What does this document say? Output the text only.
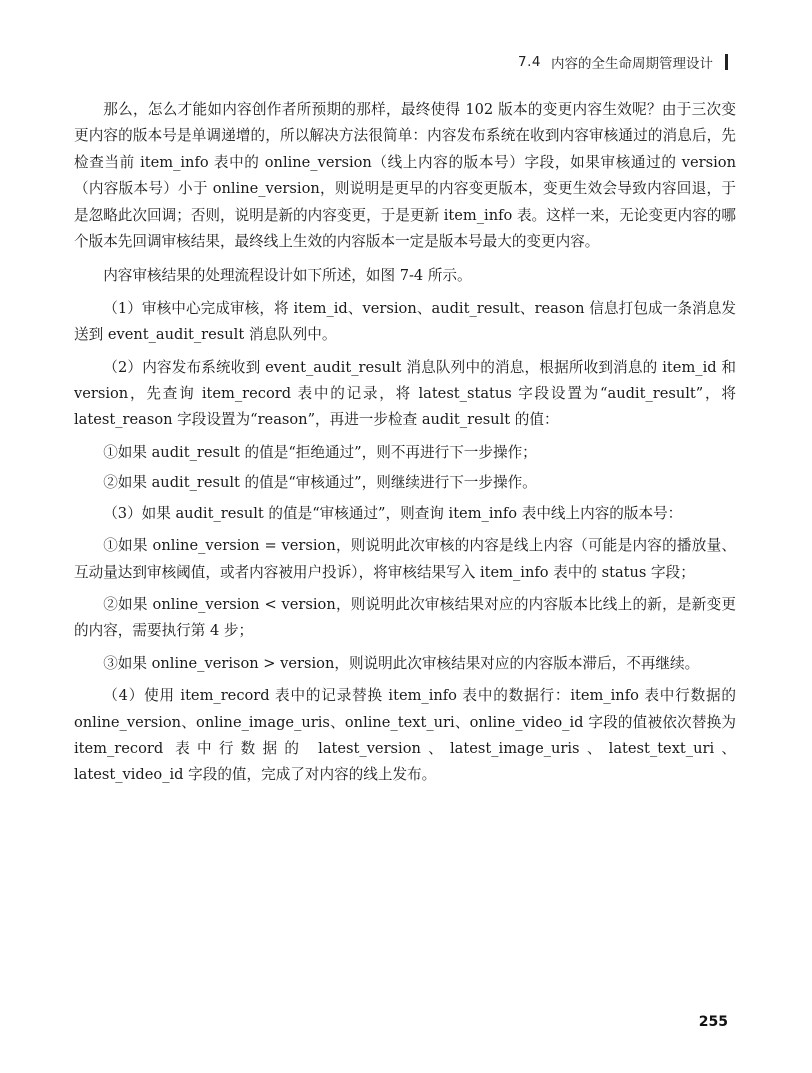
7.4 内容的全生命周期管理设计

那么，怎么才能如内容创作者所预期的那样，最终使得 102 版本的变更内容生效呢？由于三次变更内容的版本号是单调递增的，所以解决方法很简单：内容发布系统在收到内容审核通过的消息后，先检查当前 item_info 表中的 online_version（线上内容的版本号）字段，如果审核通过的 version（内容版本号）小于 online_version，则说明是更早的内容变更版本，变更生效会导致内容回退，于是忽略此次回调；否则，说明是新的内容变更，于是更新 item_info 表。这样一来，无论变更内容的哪个版本先回调审核结果，最终线上生效的内容版本一定是版本号最大的变更内容。

内容审核结果的处理流程设计如下所述，如图 7-4 所示。

（1）审核中心完成审核，将 item_id、version、audit_result、reason 信息打包成一条消息发送到 event_audit_result 消息队列中。

（2）内容发布系统收到 event_audit_result 消息队列中的消息，根据所收到消息的 item_id 和 version，先查询 item_record 表中的记录，将 latest_status 字段设置为“audit_result”，将 latest_reason 字段设置为“reason”，再进一步检查 audit_result 的值：

①如果 audit_result 的值是“拒绝通过”，则不再进行下一步操作；

②如果 audit_result 的值是“审核通过”，则继续进行下一步操作。

（3）如果 audit_result 的值是“审核通过”，则查询 item_info 表中线上内容的版本号：

①如果 online_version = version，则说明此次审核的内容是线上内容（可能是内容的播放量、互动量达到审核阈值，或者内容被用户投诉），将审核结果写入 item_info 表中的 status 字段；

②如果 online_version < version，则说明此次审核结果对应的内容版本比线上的新，是新变更的内容，需要执行第 4 步；

③如果 online_verison > version，则说明此次审核结果对应的内容版本滞后，不再继续。

（4）使用 item_record 表中的记录替换 item_info 表中的数据行：item_info 表中行数据的 online_version、online_image_uris、online_text_uri、online_video_id 字段的值被依次替换为 item_record 表中行数据的 latest_version、latest_image_uris、latest_text_uri、latest_video_id 字段的值，完成了对内容的线上发布。

255
